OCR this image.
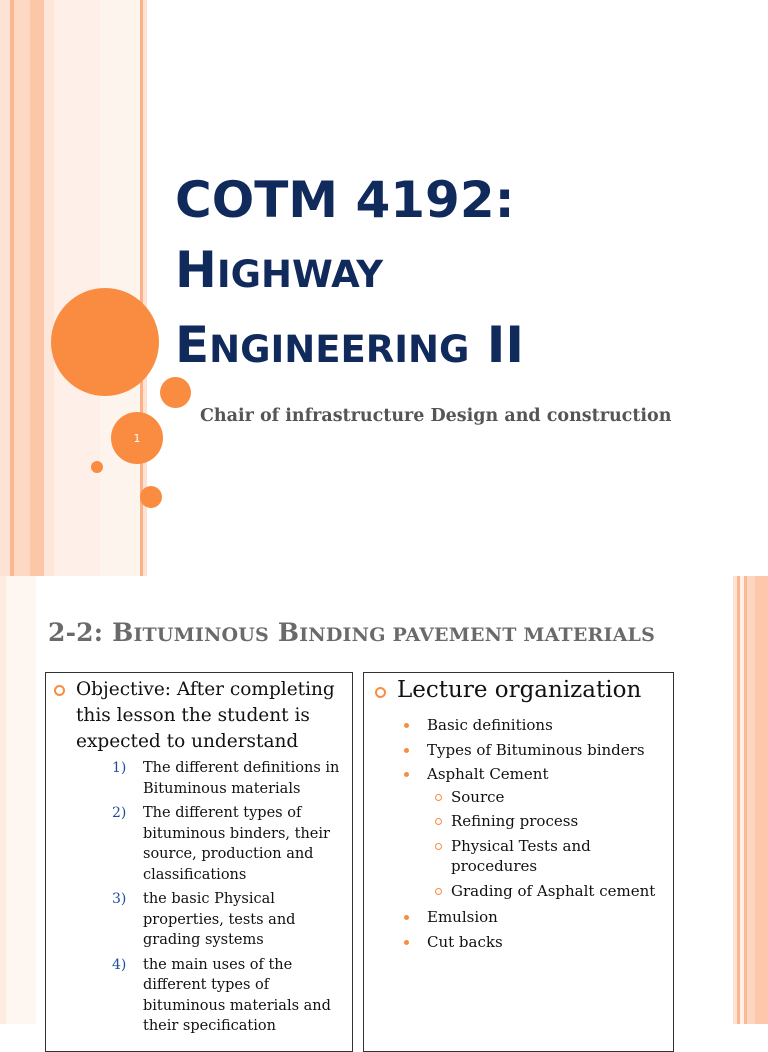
1
COTM 4192:
HIGHWAY
ENGINEERING II

Chair of infrastructure Design and construction

2-2: BITUMINOUS BINDING PAVEMENT MATERIALS

Objective: After completing this lesson the student is expected to understand

1) The different definitions in Bituminous materials
2) The different types of bituminous binders, their source, production and classifications
3) the basic Physical properties, tests and grading systems
4) the main uses of the different types of bituminous materials and their specification

Lecture organization

Basic definitions
Types of Bituminous binders
Asphalt Cement
Source
Refining process
Physical Tests and procedures
Grading of Asphalt cement
Emulsion
Cut backs
